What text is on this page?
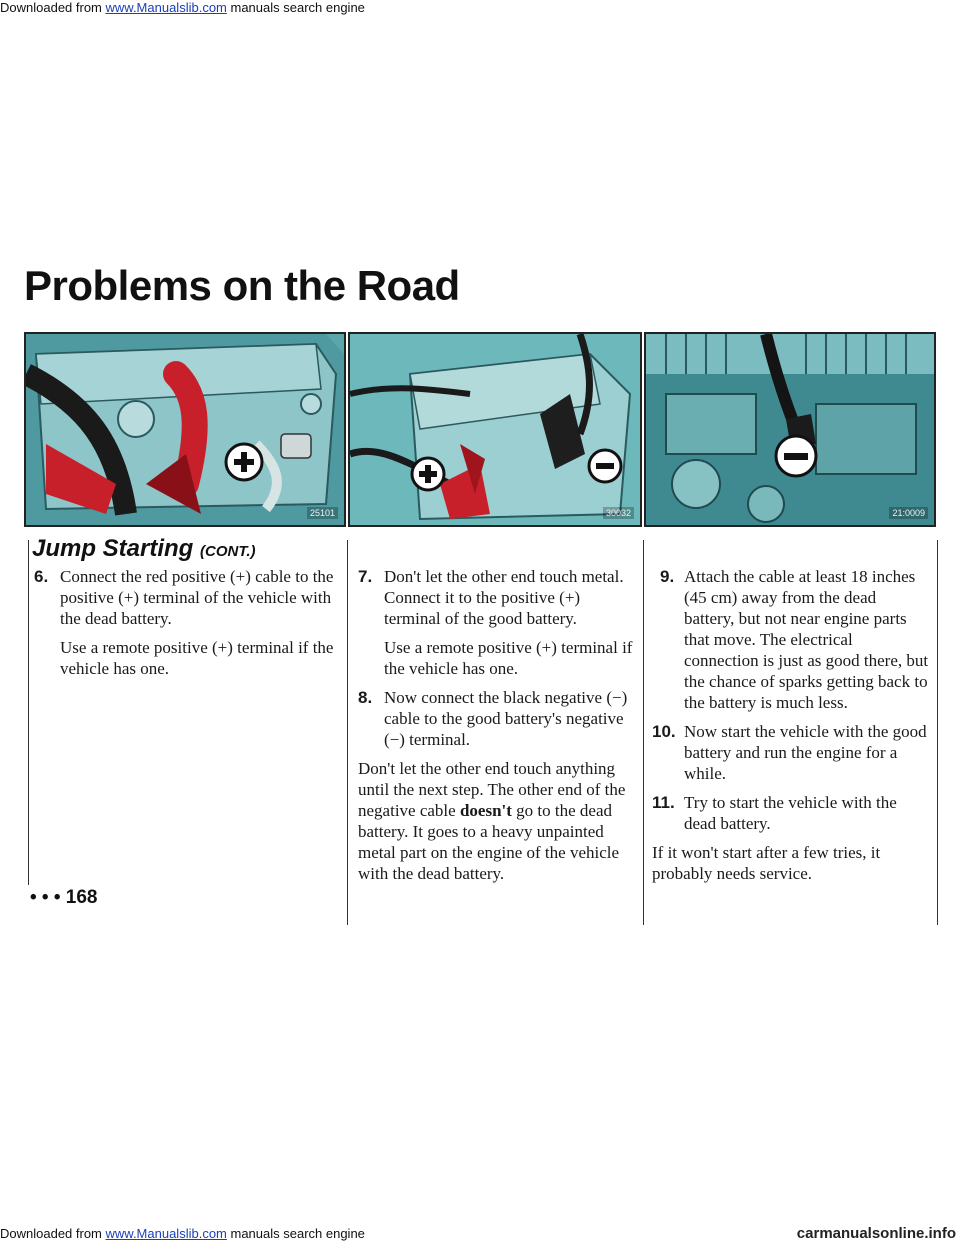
Downloaded from www.Manualslib.com manuals search engine
Problems on the Road
25101	30032	21:0009
Jump Starting (CONT.)
6. Connect the red positive (+) cable to the positive (+) terminal of the vehicle with the dead battery.
Use a remote positive (+) terminal if the vehicle has one.
7. Don't let the other end touch metal. Connect it to the positive (+) terminal of the good battery.
Use a remote positive (+) terminal if the vehicle has one.
8. Now connect the black negative (−) cable to the good battery's negative (−) terminal.
Don't let the other end touch anything until the next step. The other end of the negative cable doesn't go to the dead battery. It goes to a heavy unpainted metal part on the engine of the vehicle with the dead battery.
9. Attach the cable at least 18 inches (45 cm) away from the dead battery, but not near engine parts that move. The electrical connection is just as good there, but the chance of sparks getting back to the battery is much less.
10. Now start the vehicle with the good battery and run the engine for a while.
11. Try to start the vehicle with the dead battery.
If it won't start after a few tries, it probably needs service.
• • • 168
Downloaded from www.Manualslib.com manuals search engine	carmanualsonline.info
